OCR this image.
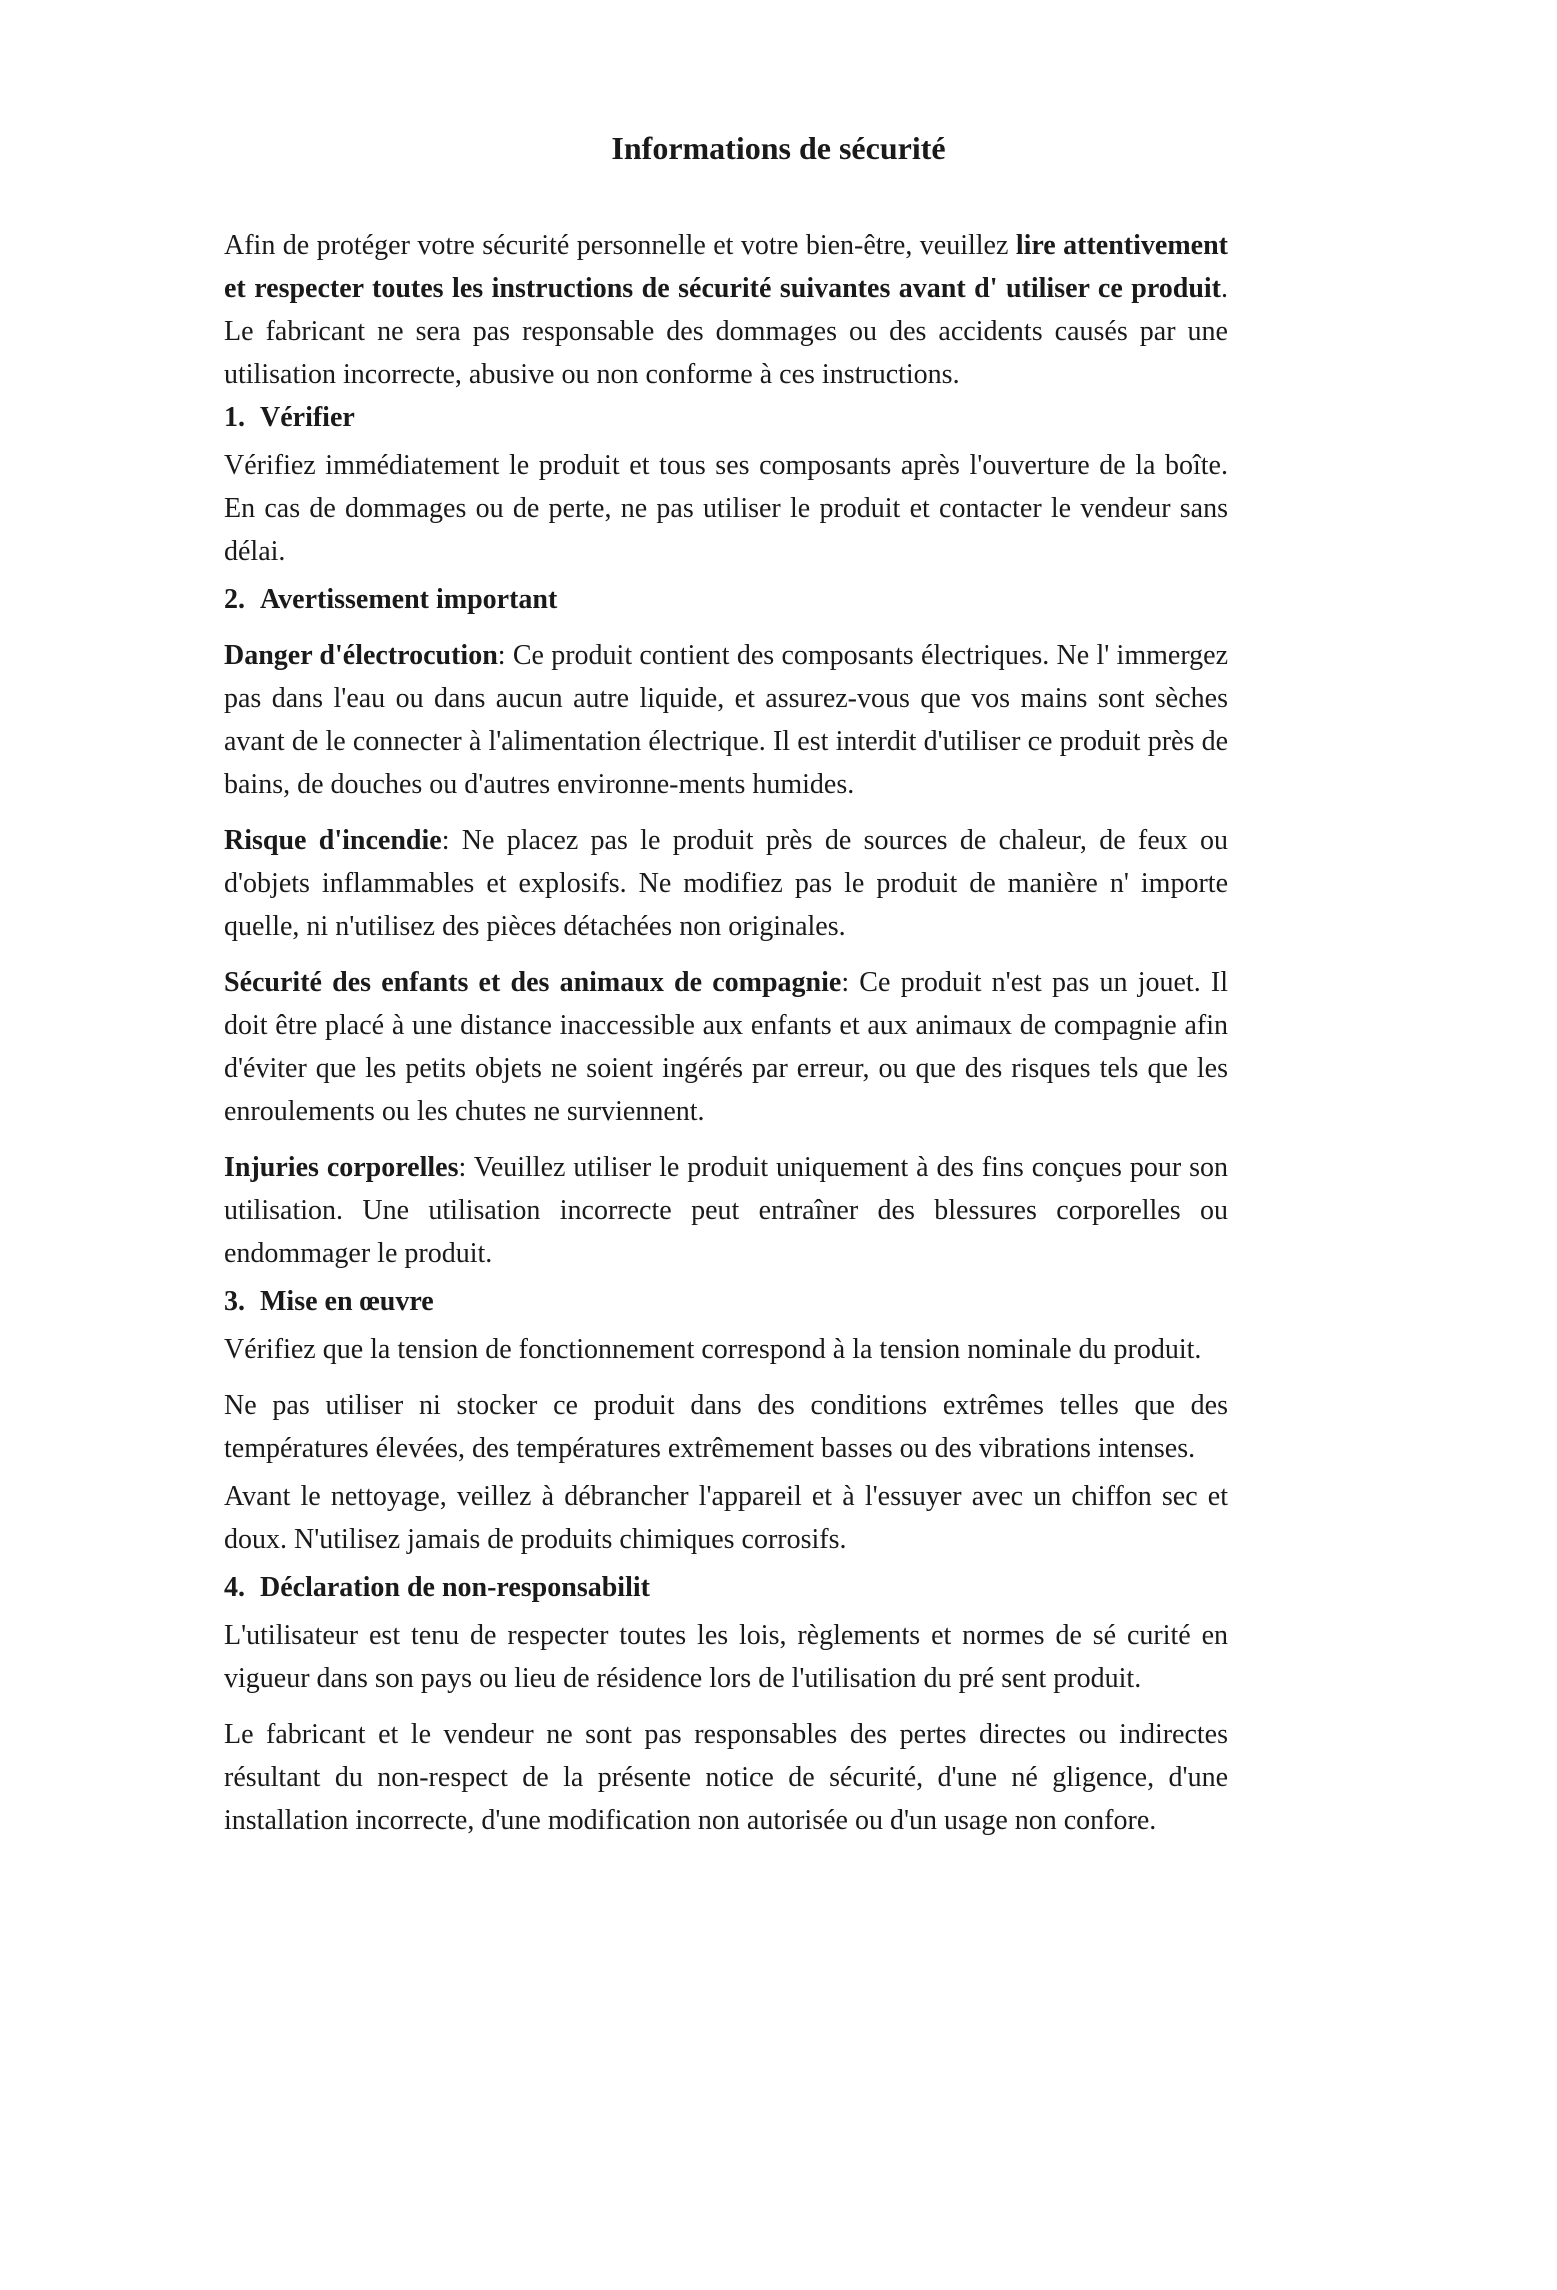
Informations de sécurité

Afin de protéger votre sécurité personnelle et votre bien-être, veuillez lire attentivement et respecter toutes les instructions de sécurité suivantes avant d' utiliser ce produit. Le fabricant ne sera pas responsable des dommages ou des accidents causés par une utilisation incorrecte, abusive ou non conforme à ces instructions.

1. Vérifier

Vérifiez immédiatement le produit et tous ses composants après l'ouverture de la boîte. En cas de dommages ou de perte, ne pas utiliser le produit et contacter le vendeur sans délai.

2. Avertissement important

Danger d'électrocution: Ce produit contient des composants électriques. Ne l' immergez pas dans l'eau ou dans aucun autre liquide, et assurez-vous que vos mains sont sèches avant de le connecter à l'alimentation électrique. Il est interdit d'utiliser ce produit près de bains, de douches ou d'autres environne-ments humides.

Risque d'incendie: Ne placez pas le produit près de sources de chaleur, de feux ou d'objets inflammables et explosifs. Ne modifiez pas le produit de manière n' importe quelle, ni n'utilisez des pièces détachées non originales.

Sécurité des enfants et des animaux de compagnie: Ce produit n'est pas un jouet. Il doit être placé à une distance inaccessible aux enfants et aux animaux de compagnie afin d'éviter que les petits objets ne soient ingérés par erreur, ou que des risques tels que les enroulements ou les chutes ne surviennent.

Injuries corporelles: Veuillez utiliser le produit uniquement à des fins conçues pour son utilisation. Une utilisation incorrecte peut entraîner des blessures corporelles ou endommager le produit.

3. Mise en œuvre

Vérifiez que la tension de fonctionnement correspond à la tension nominale du produit.

Ne pas utiliser ni stocker ce produit dans des conditions extrêmes telles que des températures élevées, des températures extrêmement basses ou des vibrations intenses.

Avant le nettoyage, veillez à débrancher l'appareil et à l'essuyer avec un chiffon sec et doux. N'utilisez jamais de produits chimiques corrosifs.

4. Déclaration de non-responsabilit

L'utilisateur est tenu de respecter toutes les lois, règlements et normes de sé curité en vigueur dans son pays ou lieu de résidence lors de l'utilisation du pré sent produit.

Le fabricant et le vendeur ne sont pas responsables des pertes directes ou indirectes résultant du non-respect de la présente notice de sécurité, d'une né gligence, d'une installation incorrecte, d'une modification non autorisée ou d'un usage non confore.
